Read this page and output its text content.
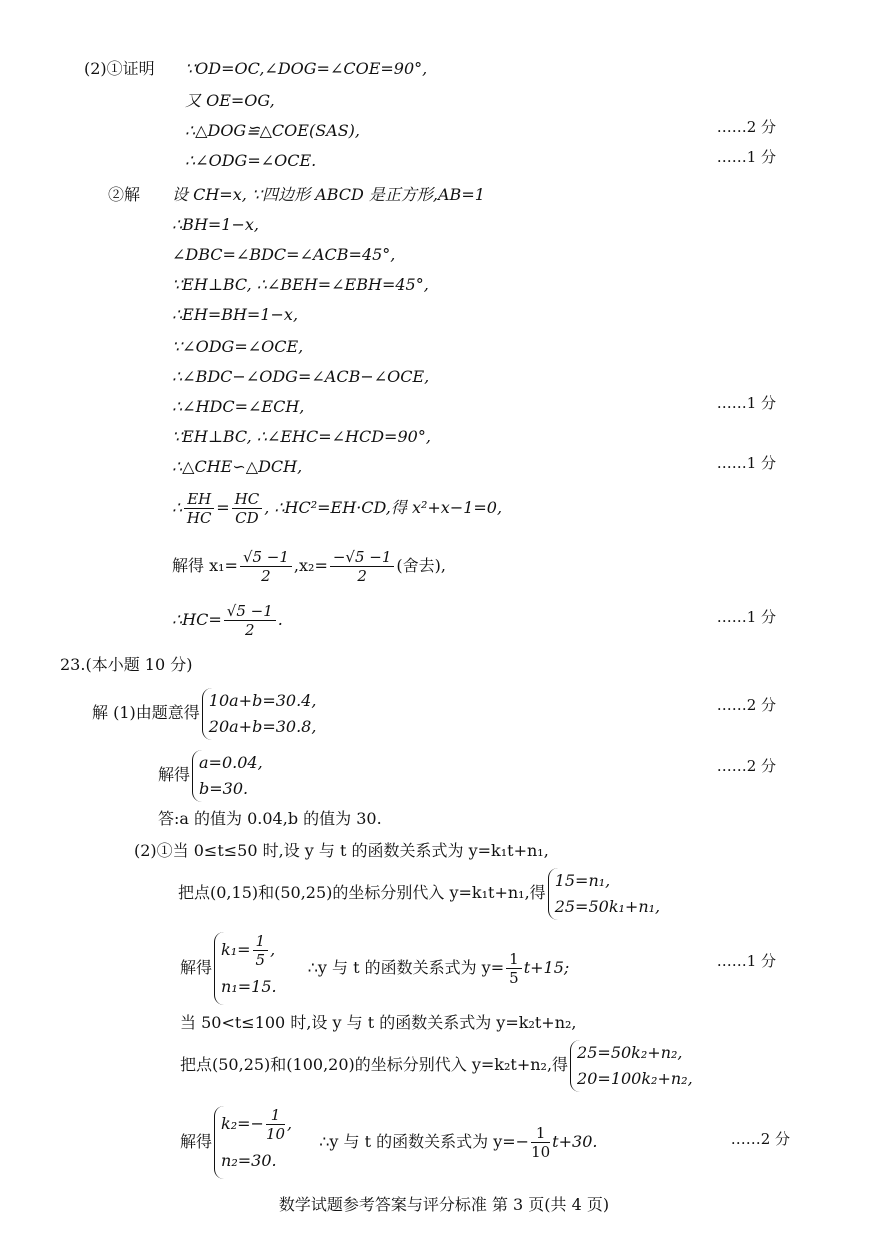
(2)①证明 ∵OD=OC,∠DOG=∠COE=90°,
又 OE=OG,
∴△DOG≌△COE(SAS),	……2 分
∴∠ODG=∠OCE.	……1 分
②解 设 CH=x, ∵四边形 ABCD 是正方形,AB=1
∴BH=1−x,
∠DBC=∠BDC=∠ACB=45°,
∵EH⊥BC, ∴∠BEH=∠EBH=45°,
∴EH=BH=1−x,
∵∠ODG=∠OCE,
∴∠BDC−∠ODG=∠ACB−∠OCE,
∴∠HDC=∠ECH,	……1 分
∵EH⊥BC, ∴∠EHC=∠HCD=90°,
∴△CHE∽△DCH,	……1 分
∴ $\frac{EH}{HC} = \frac{HC}{CD}$ , ∴HC²=EH·CD,得 x²+x−1=0,
解得 $x_1= \frac{√5 -1}{2} ,x_2= \frac{-√5 -1}{2}$ (舍去),
∴HC= $\frac{√5 -1}{2}$ .	……1 分
23.(本小题 10 分)
解 (1)由题意得
10a+b=30.4,
20a+b=30.8,
……2 分
解得
a=0.04,
b=30.
……2 分
答:a 的值为 0.04,b 的值为 30.
(2)①当 0≤t≤50 时,设 y 与 t 的函数关系式为 y=k₁t+n₁,
把点(0,15)和(50,25)的坐标分别代入 y=k₁t+n₁,得
15=n₁,
25=50k₁+n₁,
解得
$k_1= \frac{1}{5}$ ,
n₁=15.
∴y 与 t 的函数关系式为 $y= \frac{1}{5} t+15$;	……1 分
当 50<t≤100 时,设 y 与 t 的函数关系式为 y=k₂t+n₂,
把点(50,25)和(100,20)的坐标分别代入 y=k₂t+n₂,得
25=50k₂+n₂,
20=100k₂+n₂,
解得
$k_2=- \frac{1}{10}$ ,
n₂=30.
∴y 与 t 的函数关系式为 $y=- \frac{1}{10} t+30$.	……2 分
数学试题参考答案与评分标准 第 3 页(共 4 页)
